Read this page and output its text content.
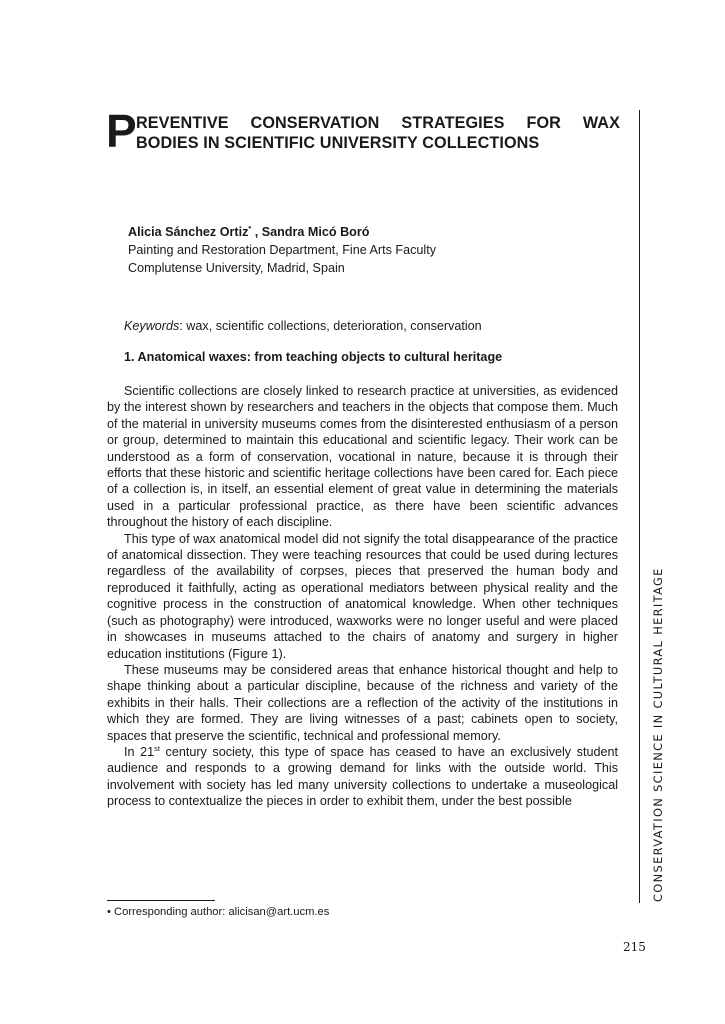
P REVENTIVE CONSERVATION STRATEGIES FOR WAX
BODIES IN SCIENTIFIC UNIVERSITY COLLECTIONS
Alicia Sánchez Ortiz• , Sandra Micó Boró
Painting and Restoration Department, Fine Arts Faculty
Complutense University, Madrid, Spain
Keywords: wax, scientific collections, deterioration, conservation
1. Anatomical waxes: from teaching objects to cultural heritage

Scientific collections are closely linked to research practice at universities, as evidenced by the interest shown by researchers and teachers in the objects that compose them. Much of the material in university museums comes from the disinterested enthusiasm of a person or group, determined to maintain this educational and scientific legacy. Their work can be understood as a form of conservation, vocational in nature, because it is through their efforts that these historic and scientific heritage collections have been cared for. Each piece of a collection is, in itself, an essential element of great value in determining the materials used in a particular professional practice, as there have been scientific advances throughout the history of each discipline.

This type of wax anatomical model did not signify the total disappearance of the practice of anatomical dissection. They were teaching resources that could be used during lectures regardless of the availability of corpses, pieces that preserved the human body and reproduced it faithfully, acting as operational mediators between physical reality and the cognitive process in the construction of anatomical knowledge. When other techniques (such as photography) were introduced, waxworks were no longer useful and were placed in showcases in museums attached to the chairs of anatomy and surgery in higher education institutions (Figure 1).

These museums may be considered areas that enhance historical thought and help to shape thinking about a particular discipline, because of the richness and variety of the exhibits in their halls. Their collections are a reflection of the activity of the institutions in which they are formed. They are living witnesses of a past; cabinets open to society, spaces that preserve the scientific, technical and professional memory.

In 21st century society, this type of space has ceased to have an exclusively student audience and responds to a growing demand for links with the outside world. This involvement with society has led many university collections to undertake a museological process to contextualize the pieces in order to exhibit them, under the best possible

• Corresponding author: alicisan@art.ucm.es
CONSERVATION SCIENCE IN CULTURAL HERITAGE
215
